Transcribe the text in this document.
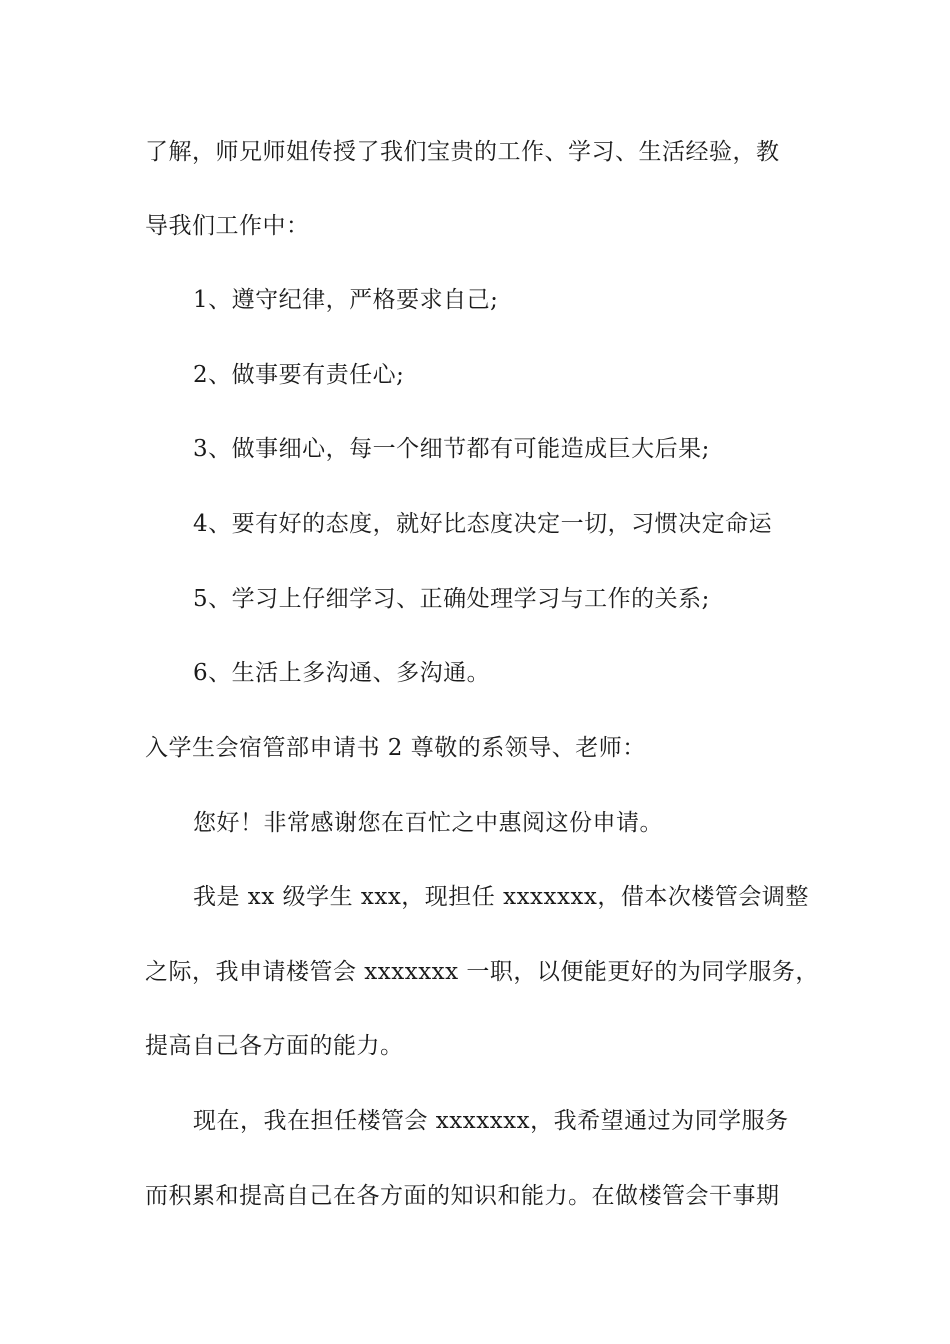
了解，师兄师姐传授了我们宝贵的工作、学习、生活经验，教
导我们工作中：
1、遵守纪律，严格要求自己;
2、做事要有责任心;
3、做事细心，每一个细节都有可能造成巨大后果;
4、要有好的态度，就好比态度决定一切，习惯决定命运
5、学习上仔细学习、正确处理学习与工作的关系;
6、生活上多沟通、多沟通。
入学生会宿管部申请书 2 尊敬的系领导、老师：
您好！非常感谢您在百忙之中惠阅这份申请。
我是 xx 级学生 xxx，现担任 xxxxxxx，借本次楼管会调整
之际，我申请楼管会 xxxxxxx 一职，以便能更好的为同学服务，
提高自己各方面的能力。
现在，我在担任楼管会 xxxxxxx，我希望通过为同学服务
而积累和提高自己在各方面的知识和能力。在做楼管会干事期
